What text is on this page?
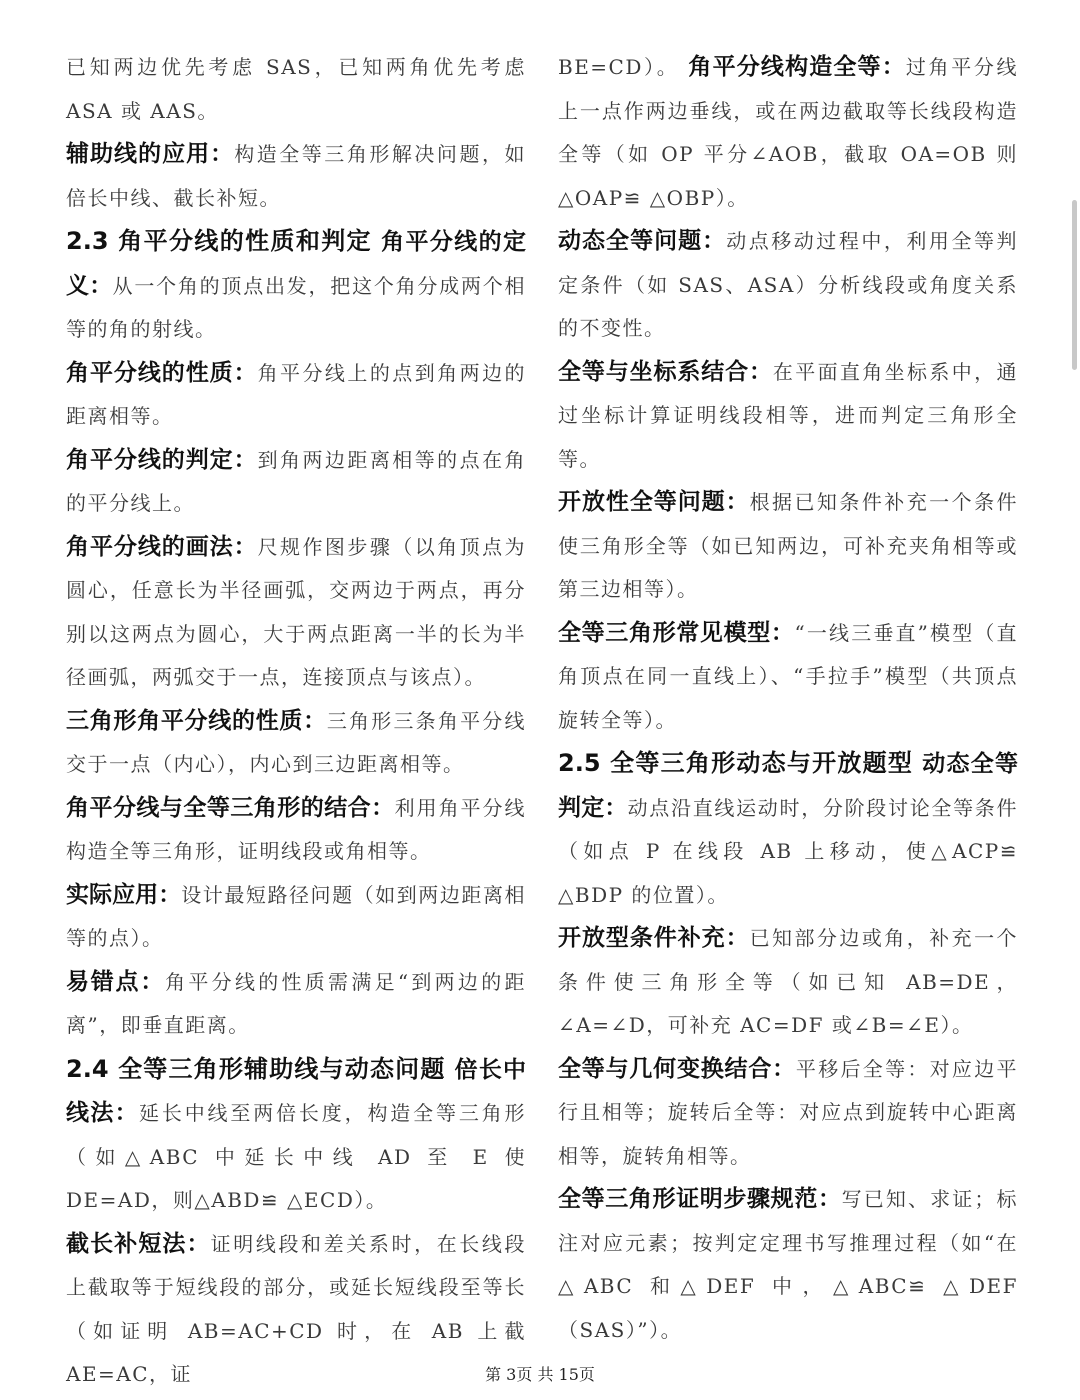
已知两边优先考虑 SAS，已知两角优先考虑 ASA 或 AAS。

辅助线的应用：构造全等三角形解决问题，如倍长中线、截长补短。

2.3 角平分线的性质和判定 角平分线的定义：从一个角的顶点出发，把这个角分成两个相等的角的射线。

角平分线的性质：角平分线上的点到角两边的距离相等。

角平分线的判定：到角两边距离相等的点在角的平分线上。

角平分线的画法：尺规作图步骤（以角顶点为圆心，任意长为半径画弧，交两边于两点，再分别以这两点为圆心，大于两点距离一半的长为半径画弧，两弧交于一点，连接顶点与该点）。

三角形角平分线的性质：三角形三条角平分线交于一点（内心），内心到三边距离相等。

角平分线与全等三角形的结合：利用角平分线构造全等三角形，证明线段或角相等。

实际应用：设计最短路径问题（如到两边距离相等的点）。

易错点：角平分线的性质需满足“到两边的距离”，即垂直距离。

2.4 全等三角形辅助线与动态问题 倍长中线法：延长中线至两倍长度，构造全等三角形（如△ABC 中延长中线 AD 至 E 使 DE=AD，则△ABD≌ △ECD）。

截长补短法：证明线段和差关系时，在长线段上截取等于短线段的部分，或延长短线段至等长（如证明 AB=AC+CD 时，在 AB 上截 AE=AC，证

BE=CD）。 角平分线构造全等：过角平分线上一点作两边垂线，或在两边截取等长线段构造全等（如 OP 平分∠AOB，截取 OA=OB 则△OAP≌ △OBP）。

动态全等问题：动点移动过程中，利用全等判定条件（如 SAS、ASA）分析线段或角度关系的不变性。

全等与坐标系结合：在平面直角坐标系中，通过坐标计算证明线段相等，进而判定三角形全等。

开放性全等问题：根据已知条件补充一个条件使三角形全等（如已知两边，可补充夹角相等或第三边相等）。

全等三角形常见模型：“一线三垂直”模型（直角顶点在同一直线上）、“手拉手”模型（共顶点旋转全等）。

2.5 全等三角形动态与开放题型 动态全等判定：动点沿直线运动时，分阶段讨论全等条件（如点 P 在线段 AB 上移动，使△ACP≌ △BDP 的位置）。

开放型条件补充：已知部分边或角，补充一个条件使三角形全等（如已知 AB=DE，∠A=∠D，可补充 AC=DF 或∠B=∠E）。

全等与几何变换结合：平移后全等：对应边平行且相等；旋转后全等：对应点到旋转中心距离相等，旋转角相等。

全等三角形证明步骤规范：写已知、求证；标注对应元素；按判定定理书写推理过程（如“在△ABC 和△DEF 中，△ABC≌ △DEF（SAS）”）。

第 3页 共 15页
